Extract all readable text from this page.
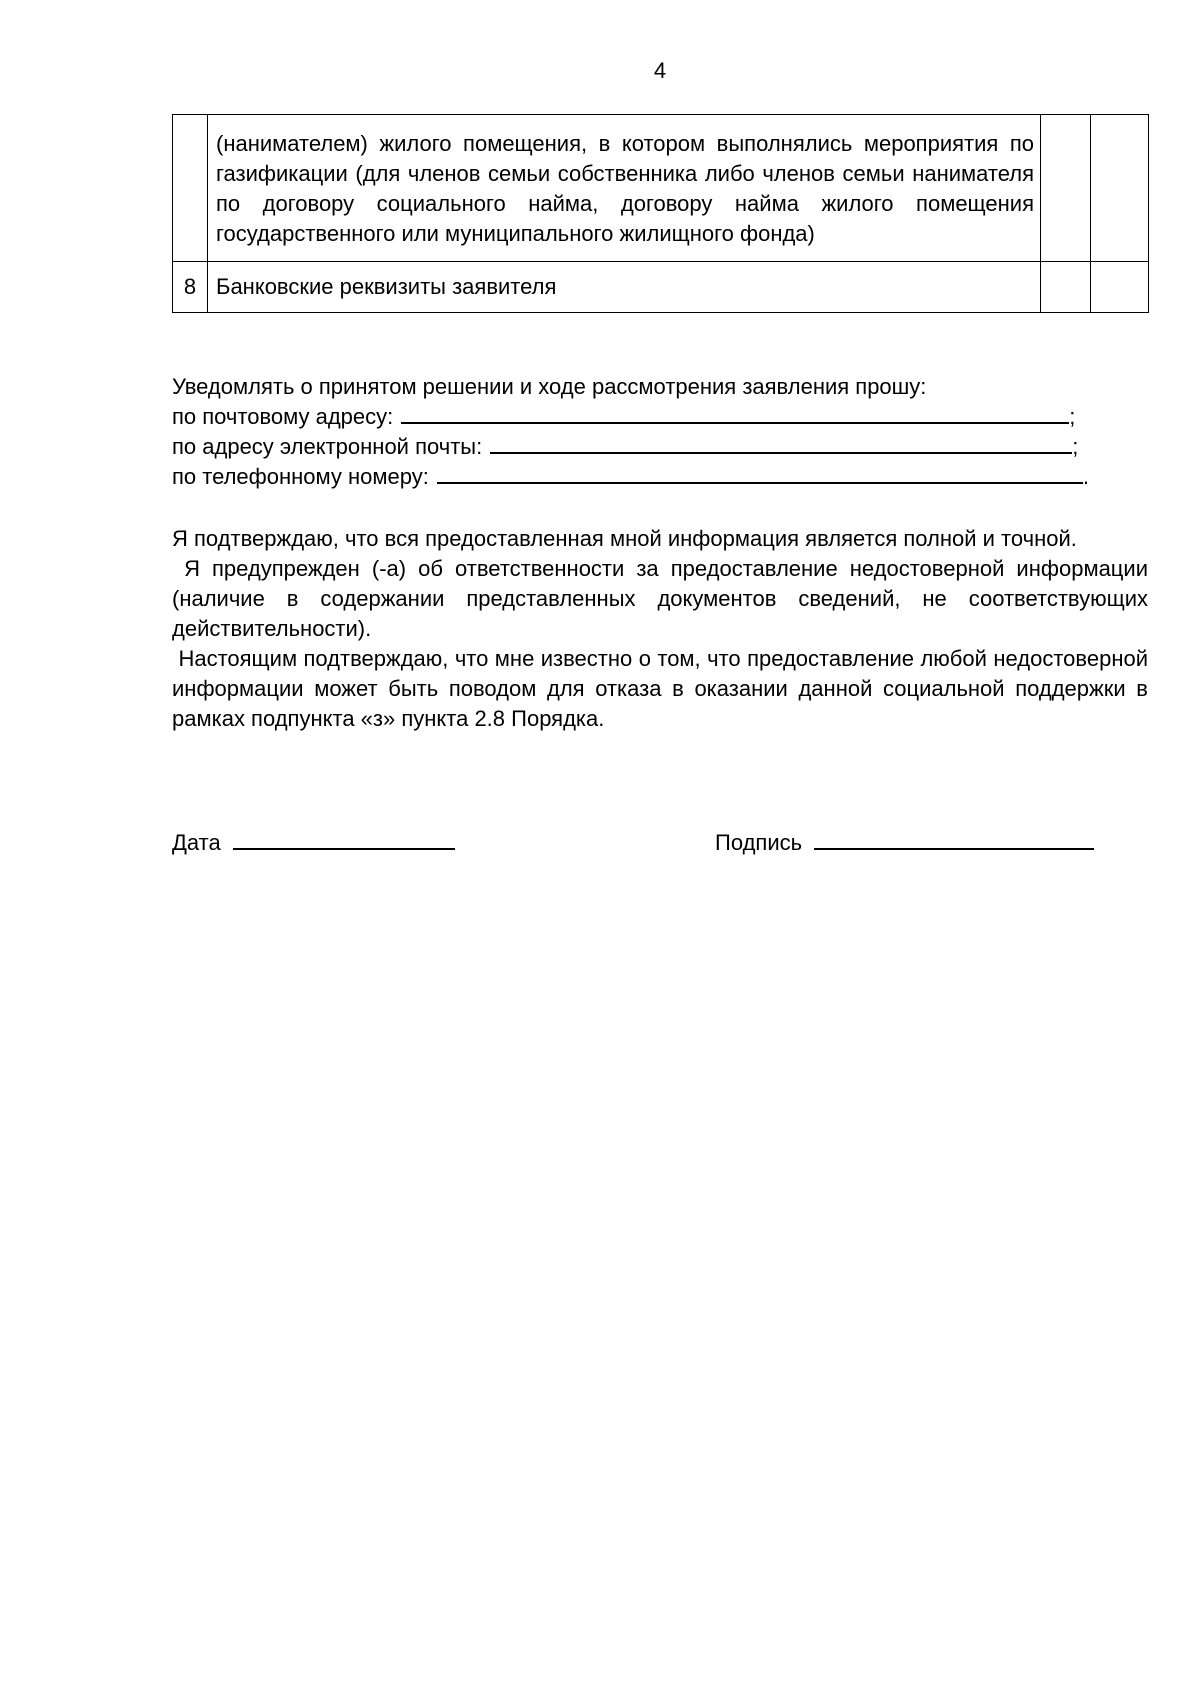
4
	(нанимателем) жилого помещения, в котором выполнялись мероприятия по газификации (для членов семьи собственника либо членов семьи нанимателя по договору социального найма, договору найма жилого помещения государственного или муниципального жилищного фонда)		
8	Банковские реквизиты заявителя		
Уведомлять о принятом решении и ходе рассмотрения заявления прошу:
по почтовому адресу:	;
по адресу электронной почты:	;
по телефонному номеру:	.

Я подтверждаю, что вся предоставленная мной информация является полной и точной.

Я предупрежден (-а) об ответственности за предоставление недостоверной информации (наличие в содержании представленных документов сведений, не соответствующих действительности).

Настоящим подтверждаю, что мне известно о том, что предоставление любой недостоверной информации может быть поводом для отказа в оказании данной социальной поддержки в рамках подпункта «з» пункта 2.8 Порядка.

Дата	Подпись
